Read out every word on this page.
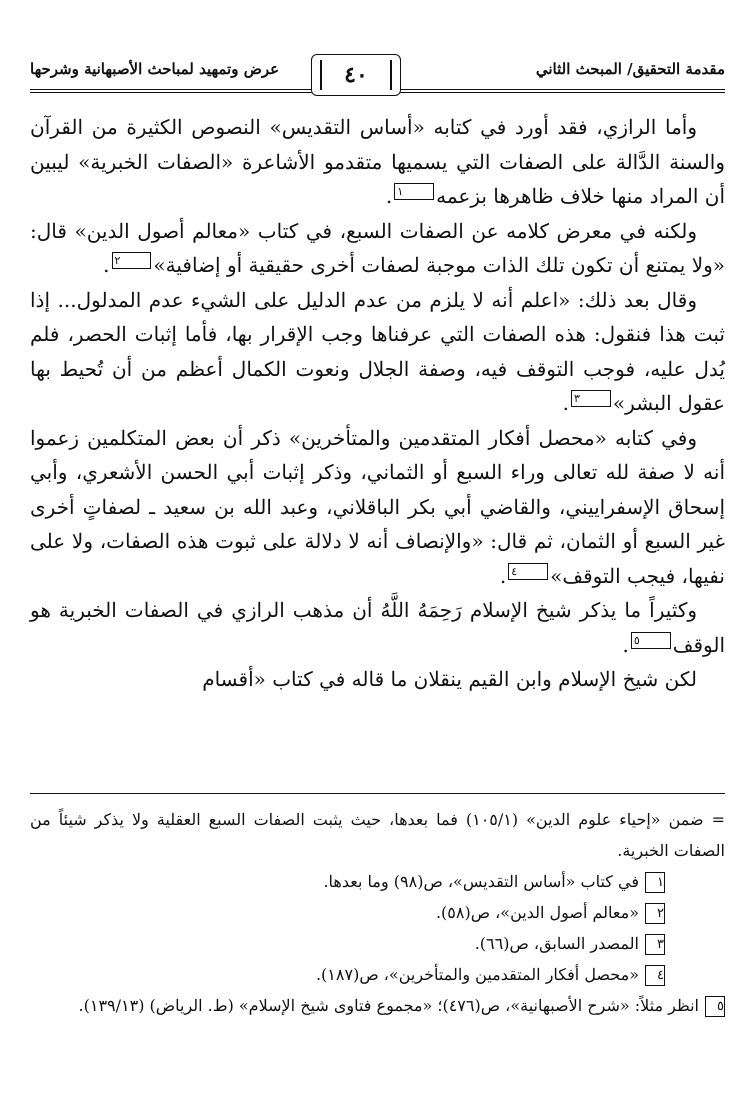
مقدمة التحقيق/ المبحث الثاني
عرض وتمهيد لمباحث الأصبهانية وشرحها	٤٠

وأما الرازي، فقد أورد في كتابه «أساس التقديس» النصوص الكثيرة من القرآن والسنة الدَّالة على الصفات التي يسميها متقدمو الأشاعرة «الصفات الخبرية» ليبين أن المراد منها خلاف ظاهرها بزعمه١.

ولكنه في معرض كلامه عن الصفات السبع، في كتاب «معالم أصول الدين» قال: «ولا يمتنع أن تكون تلك الذات موجبة لصفات أخرى حقيقية أو إضافية»٢.

وقال بعد ذلك: «اعلم أنه لا يلزم من عدم الدليل على الشيء عدم المدلول... إذا ثبت هذا فنقول: هذه الصفات التي عرفناها وجب الإقرار بها، فأما إثبات الحصر، فلم يُدل عليه، فوجب التوقف فيه، وصفة الجلال ونعوت الكمال أعظم من أن تُحيط بها عقول البشر»٣.

وفي كتابه «محصل أفكار المتقدمين والمتأخرين» ذكر أن بعض المتكلمين زعموا أنه لا صفة لله تعالى وراء السبع أو الثماني، وذكر إثبات أبي الحسن الأشعري، وأبي إسحاق الإسفراييني، والقاضي أبي بكر الباقلاني، وعبد الله بن سعيد ـ لصفاتٍ أخرى غير السبع أو الثمان، ثم قال: «والإنصاف أنه لا دلالة على ثبوت هذه الصفات، ولا على نفيها، فيجب التوقف»٤.

وكثيراً ما يذكر شيخ الإسلام رَحِمَهُ اللَّهُ أن مذهب الرازي في الصفات الخبرية هو الوقف٥.

لكن شيخ الإسلام وابن القيم ينقلان ما قاله في كتاب «أقسام

= ضمن «إحياء علوم الدين» (١٠٥/١) فما بعدها، حيث يثبت الصفات السبع العقلية ولا يذكر شيئاً من الصفات الخبرية.

١في كتاب «أساس التقديس»، ص(٩٨) وما بعدها.

٢«معالم أصول الدين»، ص(٥٨).

٣المصدر السابق، ص(٦٦).

٤«محصل أفكار المتقدمين والمتأخرين»، ص(١٨٧).

٥انظر مثلاً: «شرح الأصبهانية»، ص(٤٧٦)؛ «مجموع فتاوى شيخ الإسلام» (ط. الرياض) (١٣٩/١٣).
